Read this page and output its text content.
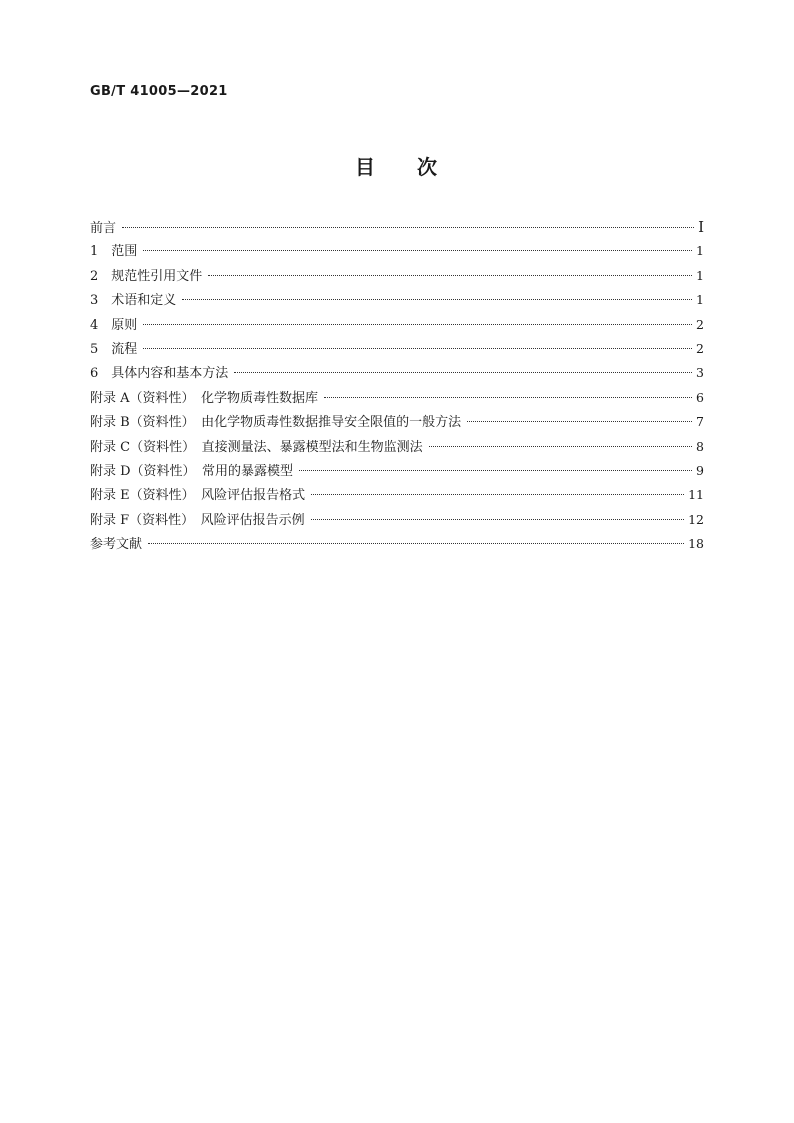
GB/T 41005—2021
目 次
前言	Ⅰ
1　范围	1
2　规范性引用文件	1
3　术语和定义	1
4　原则	2
5　流程	2
6　具体内容和基本方法	3
附录 A（资料性）　化学物质毒性数据库	6
附录 B（资料性）　由化学物质毒性数据推导安全限值的一般方法	7
附录 C（资料性）　直接测量法、暴露模型法和生物监测法	8
附录 D（资料性）　常用的暴露模型	9
附录 E（资料性）　风险评估报告格式	11
附录 F（资料性）　风险评估报告示例	12
参考文献	18
